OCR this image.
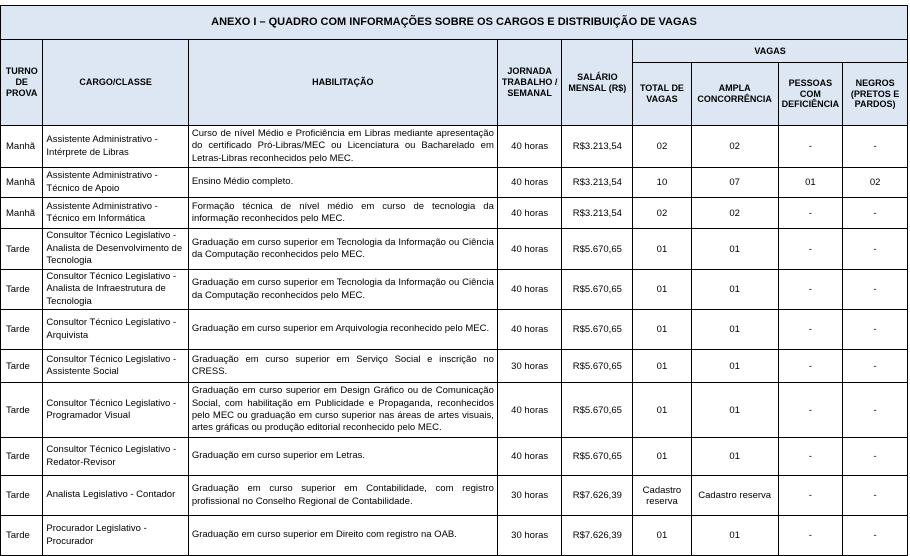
ANEXO I – QUADRO COM INFORMAÇÕES SOBRE OS CARGOS E DISTRIBUIÇÃO DE VAGAS								
TURNO DE PROVA	CARGO/CLASSE	HABILITAÇÃO	JORNADA TRABALHO / SEMANAL	SALÁRIO MENSAL (R$)	VAGAS			
					TOTAL DE VAGAS	AMPLA CONCORRÊNCIA	PESSOAS COM DEFICIÊNCIA	NEGROS (PRETOS E PARDOS)
Manhã	Assistente Administrativo - Intérprete de Libras	Curso de nível Médio e Proficiência em Libras mediante apresentação do certificado Pró-Libras/MEC ou Licenciatura ou Bacharelado em Letras-Libras reconhecidos pelo MEC.	40 horas	R$3.213,54	02	02	-	-
Manhã	Assistente Administrativo - Técnico de Apoio	Ensino Médio completo.	40 horas	R$3.213,54	10	07	01	02
Manhã	Assistente Administrativo - Técnico em Informática	Formação técnica de nível médio em curso de tecnologia da informação reconhecidos pelo MEC.	40 horas	R$3.213,54	02	02	-	-
Tarde	Consultor Técnico Legislativo - Analista de Desenvolvimento de Tecnologia	Graduação em curso superior em Tecnologia da Informação ou Ciência da Computação reconhecidos pelo MEC.	40 horas	R$5.670,65	01	01	-	-
Tarde	Consultor Técnico Legislativo - Analista de Infraestrutura de Tecnologia	Graduação em curso superior em Tecnologia da Informação ou Ciência da Computação reconhecidos pelo MEC.	40 horas	R$5.670,65	01	01	-	-
Tarde	Consultor Técnico Legislativo - Arquivista	Graduação em curso superior em Arquivologia reconhecido pelo MEC.	40 horas	R$5.670,65	01	01	-	-
Tarde	Consultor Técnico Legislativo - Assistente Social	Graduação em curso superior em Serviço Social e inscrição no CRESS.	30 horas	R$5.670,65	01	01	-	-
Tarde	Consultor Técnico Legislativo - Programador Visual	Graduação em curso superior em Design Gráfico ou de Comunicação Social, com habilitação em Publicidade e Propaganda, reconhecidos pelo MEC ou graduação em curso superior nas áreas de artes visuais, artes gráficas ou produção editorial reconhecido pelo MEC.	40 horas	R$5.670,65	01	01	-	-
Tarde	Consultor Técnico Legislativo - Redator-Revisor	Graduação em curso superior em Letras.	40 horas	R$5.670,65	01	01	-	-
Tarde	Analista Legislativo - Contador	Graduação em curso superior em Contabilidade, com registro profissional no Conselho Regional de Contabilidade.	30 horas	R$7.626,39	Cadastro reserva	Cadastro reserva	-	-
Tarde	Procurador Legislativo - Procurador	Graduação em curso superior em Direito com registro na OAB.	30 horas	R$7.626,39	01	01	-	-
